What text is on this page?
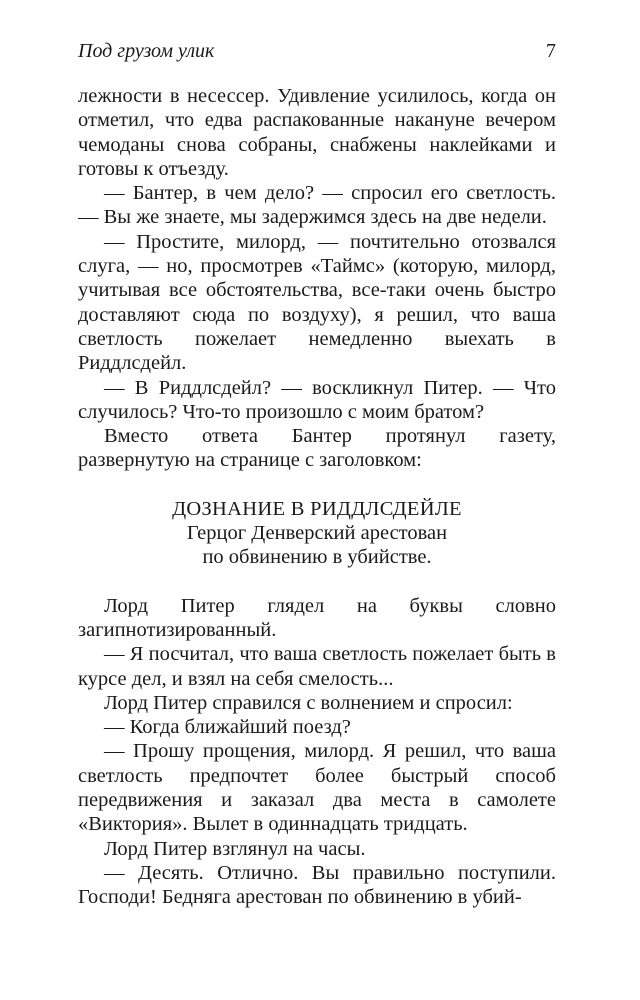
Под грузом улик	7

лежности в несессер. Удивление усилилось, когда он отметил, что едва распакованные накануне вечером чемоданы снова собраны, снабжены наклейками и готовы к отъезду.

— Бантер, в чем дело? — спросил его светлость. — Вы же знаете, мы задержимся здесь на две недели.

— Простите, милорд, — почтительно отозвался слуга, — но, просмотрев «Таймс» (которую, милорд, учитывая все обстоятельства, все-таки очень быстро доставляют сюда по воздуху), я решил, что ваша светлость пожелает немедленно выехать в Риддлсдейл.

— В Риддлсдейл? — воскликнул Питер. — Что случилось? Что-то произошло с моим братом?

Вместо ответа Бантер протянул газету, развернутую на странице с заголовком:

ДОЗНАНИЕ В РИДДЛСДЕЙЛЕ
Герцог Денверский арестован
по обвинению в убийстве.

Лорд Питер глядел на буквы словно загипнотизированный.

— Я посчитал, что ваша светлость пожелает быть в курсе дел, и взял на себя смелость...

Лорд Питер справился с волнением и спросил:

— Когда ближайший поезд?

— Прошу прощения, милорд. Я решил, что ваша светлость предпочтет более быстрый способ передвижения и заказал два места в самолете «Виктория». Вылет в одиннадцать тридцать.

Лорд Питер взглянул на часы.

— Десять. Отлично. Вы правильно поступили. Господи! Бедняга арестован по обвинению в убий-
